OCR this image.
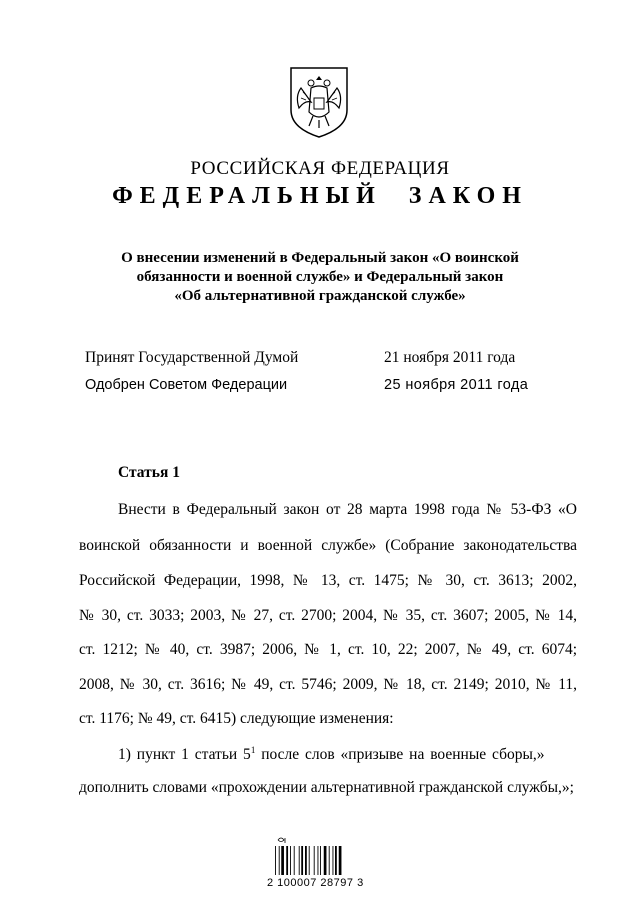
РОССИЙСКАЯ ФЕДЕРАЦИЯ
ФЕДЕРАЛЬНЫЙ ЗАКОН
О внесении изменений в Федеральный закон «О воинской
обязанности и военной службе» и Федеральный закон
«Об альтернативной гражданской службе»
Принят Государственной Думой	21 ноября 2011 года
Одобрен Советом Федерации	25 ноября 2011 года
Статья 1
Внести в Федеральный закон от 28 марта 1998 года № 53-ФЗ «О
воинской обязанности и военной службе» (Собрание законодательства
Российской Федерации, 1998, № 13, ст. 1475; № 30, ст. 3613; 2002,
№ 30, ст. 3033; 2003, № 27, ст. 2700; 2004, № 35, ст. 3607; 2005, № 14,
ст. 1212; № 40, ст. 3987; 2006, № 1, ст. 10, 22; 2007, № 49, ст. 6074;
2008, № 30, ст. 3616; № 49, ст. 5746; 2009, № 18, ст. 2149; 2010, № 11,
ст. 1176; № 49, ст. 6415) следующие изменения:
1) пункт 1 статьи $5^1$ после слов «призыве на военные сборы,»
дополнить словами «прохождении альтернативной гражданской службы,»;
2 100007 28797 3
